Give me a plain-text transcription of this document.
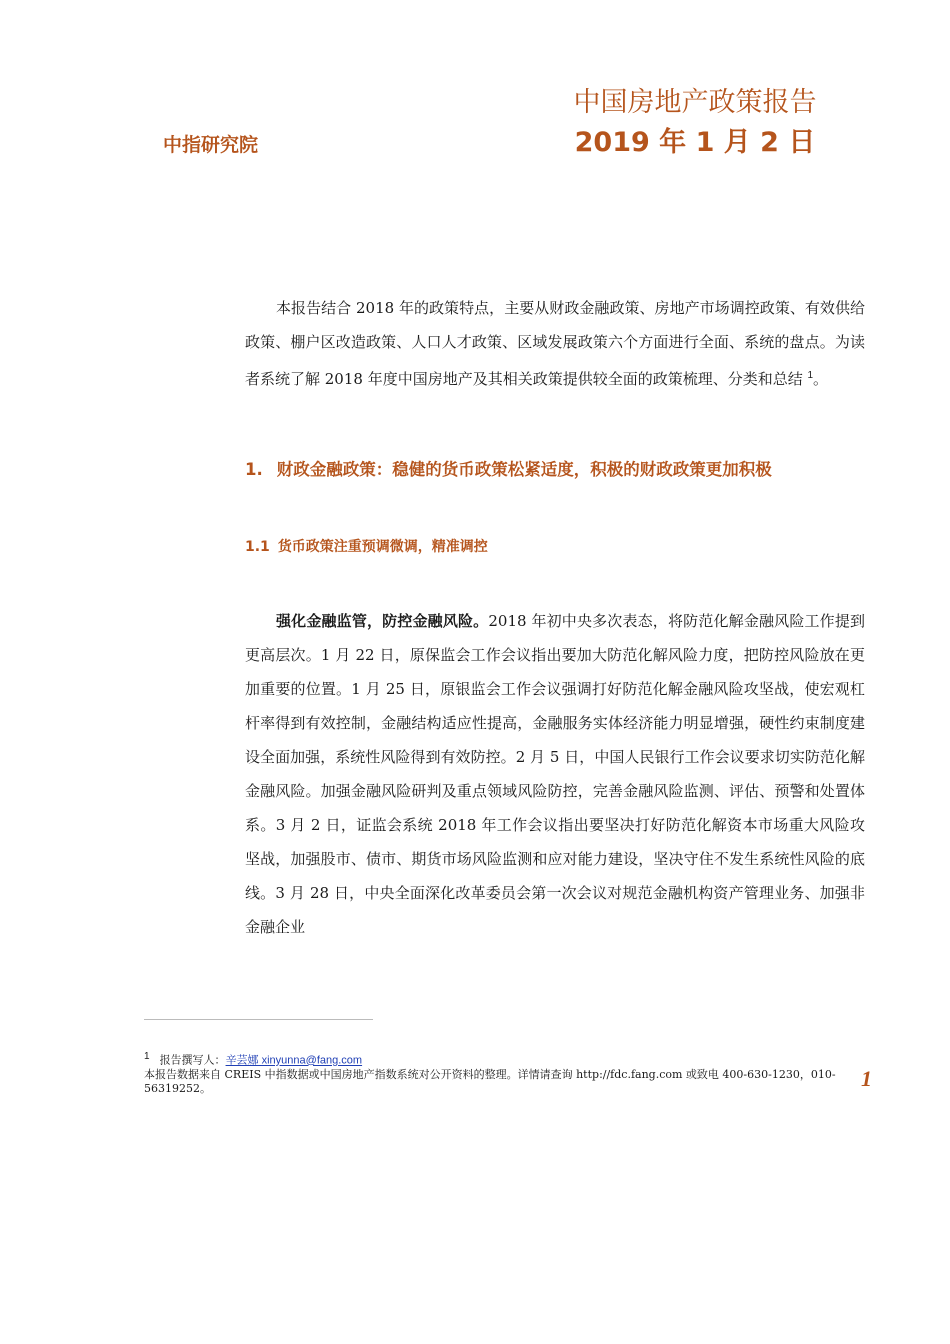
中指研究院
中国房地产政策报告
2019 年 1 月 2 日
本报告结合 2018 年的政策特点，主要从财政金融政策、房地产市场调控政策、有效供给政策、棚户区改造政策、人口人才政策、区域发展政策六个方面进行全面、系统的盘点。为读者系统了解 2018 年度中国房地产及其相关政策提供较全面的政策梳理、分类和总结 $^1$。
1. 财政金融政策：稳健的货币政策松紧适度，积极的财政政策更加积极
1.1 货币政策注重预调微调，精准调控
强化金融监管，防控金融风险。2018 年初中央多次表态，将防范化解金融风险工作提到更高层次。1 月 22 日，原保监会工作会议指出要加大防范化解风险力度，把防控风险放在更加重要的位置。1 月 25 日，原银监会工作会议强调打好防范化解金融风险攻坚战，使宏观杠杆率得到有效控制，金融结构适应性提高，金融服务实体经济能力明显增强，硬性约束制度建设全面加强，系统性风险得到有效防控。2 月 5 日，中国人民银行工作会议要求切实防范化解金融风险。加强金融风险研判及重点领域风险防控，完善金融风险监测、评估、预警和处置体系。3 月 2 日，证监会系统 2018 年工作会议指出要坚决打好防范化解资本市场重大风险攻坚战，加强股市、债市、期货市场风险监测和应对能力建设，坚决守住不发生系统性风险的底线。3 月 28 日，中央全面深化改革委员会第一次会议对规范金融机构资产管理业务、加强非金融企业
$^1$ 报告撰写人：辛芸娜 xinyunna@fang.com
本报告数据来自 CREIS 中指数据或中国房地产指数系统对公开资料的整理。详情请查询 http://fdc.fang.com 或致电 400-630-1230，010-56319252。	1
